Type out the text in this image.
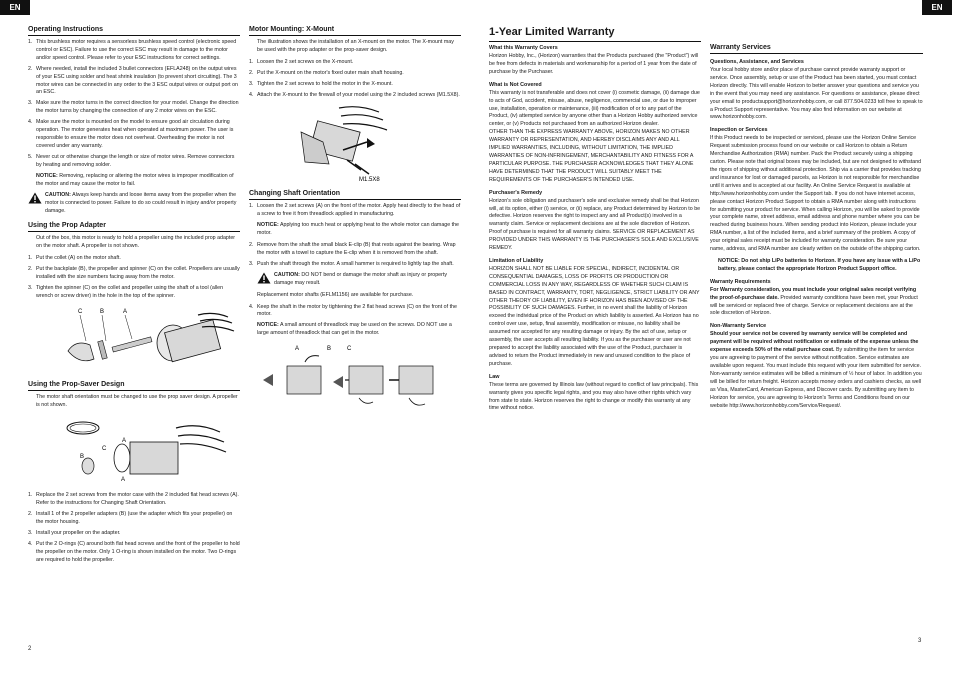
EN	EN
Operating Instructions
1. This brushless motor requires a sensorless brushless speed control (electronic speed control or ESC). Failure to use the correct ESC may result in damage to the motor and/or speed control. Please refer to your ESC instructions for correct settings.
2. Where needed, install the included 3 bullet connectors (EFLA248) on the output wires of your ESC using solder and heat shrink insulation (to prevent short circuiting). The 3 motor wires can be connected in any order to the 3 ESC output wires or output port on an ESC.
3. Make sure the motor turns in the correct direction for your model. Change the direction the motor turns by changing the connection of any 2 motor wires on the ESC.
4. Make sure the motor is mounted on the model to ensure good air circulation during operation. The motor generates heat when operated at maximum power. The user is responsible to ensure the motor does not overheat. Overheating the motor is not covered under any warranty.
5. Never cut or otherwise change the length or size of motor wires. Remove connectors by heating and removing solder.

NOTICE: Removing, replacing or altering the motor wires is improper modification of the motor and may cause the motor to fail.

CAUTION: Always keep hands and loose items away from the propeller when the motor is connected to power. Failure to do so could result in injury and/or property damage.
Using the Prop Adapter

Out of the box, this motor is ready to hold a propeller using the included prop adapter on the motor shaft. A propeller is not shown.

1. Put the collet (A) on the motor shaft.
2. Put the backplate (B), the propeller and spinner (C) on the collet. Propellers are usually installed with the size numbers facing away from the motor.
3. Tighten the spinner (C) on the collet and propeller using the shaft of a tool (allen wrench or screw driver) in the hole in the top of the spinner.
C	B	A
Using the Prop-Saver Design

The motor shaft orientation must be changed to use the prop saver design. A propeller is not shown.

A
B
C
A
1. Replace the 2 set screws from the motor case with the 2 included flat head screws (A). Refer to the instructions for Changing Shaft Orientation.
2. Install 1 of the 2 propeller adapters (B) (use the adapter which fits your propeller) on the motor housing.
3. Install your propeller on the adapter.
4. Put the 2 O-rings (C) around both flat head screws and the front of the propeller to hold the propeller on the motor. Only 1 O-ring is shown installed on the motor. Two O-rings are required to hold the propeller.
Motor Mounting: X-Mount

The illustration shows the installation of an X-mount on the motor. The X-mount may be used with the prop adapter or the prop-saver design.

1. Loosen the 2 set screws on the X-mount.
2. Put the X-mount on the motor's fixed outer main shaft housing.
3. Tighten the 2 set screws to hold the motor in the X-mount.
4. Attach the X-mount to the firewall of your model using the 2 included screws (M1.5X8).
M1.5X8
Changing Shaft Orientation
1. Loosen the 2 set screws (A) on the front of the motor. Apply heat directly to the head of a screw to free it from threadlock applied in manufacturing.

NOTICE: Applying too much heat or applying heat to the whole motor can damage the motor.

2. Remove from the shaft the small black E-clip (B) that rests against the bearing. Wrap the motor with a towel to capture the E-clip when it is removed from the shaft.
3. Push the shaft through the motor. A small hammer is required to lightly tap the shaft.
CAUTION: DO NOT bend or damage the motor shaft as injury or property damage may result.

Replacement motor shafts (EFLM1156) are available for purchase.

4. Keep the shaft in the motor by tightening the 2 flat head screws (C) on the front of the motor.

NOTICE: A small amount of threadlock may be used on the screws. DO NOT use a large amount of threadlock that can get in the motor.

A	B	C
2
1-Year Limited Warranty
What this Warranty Covers

Horizon Hobby, Inc., (Horizon) warranties that the Products purchased (the "Product") will be free from defects in materials and workmanship for a period of 1 year from the date of purchase by the Purchaser.

What is Not Covered

This warranty is not transferable and does not cover (i) cosmetic damage, (ii) damage due to acts of God, accident, misuse, abuse, negligence, commercial use, or due to improper use, installation, operation or maintenance, (iii) modification of or to any part of the Product, (iv) attempted service by anyone other than a Horizon Hobby authorized service center, or (v) Products not purchased from an authorized Horizon dealer.

OTHER THAN THE EXPRESS WARRANTY ABOVE, HORIZON MAKES NO OTHER WARRANTY OR REPRESENTATION, AND HEREBY DISCLAIMS ANY AND ALL IMPLIED WARRANTIES, INCLUDING, WITHOUT LIMITATION, THE IMPLIED WARRANTIES OF NON-INFRINGEMENT, MERCHANTABILITY AND FITNESS FOR A PARTICULAR PURPOSE. THE PURCHASER ACKNOWLEDGES THAT THEY ALONE HAVE DETERMINED THAT THE PRODUCT WILL SUITABLY MEET THE REQUIREMENTS OF THE PURCHASER'S INTENDED USE.

Purchaser's Remedy

Horizon's sole obligation and purchaser's sole and exclusive remedy shall be that Horizon will, at its option, either (i) service, or (ii) replace, any Product determined by Horizon to be defective. Horizon reserves the right to inspect any and all Product(s) involved in a warranty claim. Service or replacement decisions are at the sole discretion of Horizon. Proof of purchase is required for all warranty claims. SERVICE OR REPLACEMENT AS PROVIDED UNDER THIS WARRANTY IS THE PURCHASER'S SOLE AND EXCLUSIVE REMEDY.

Limitation of Liability

HORIZON SHALL NOT BE LIABLE FOR SPECIAL, INDIRECT, INCIDENTAL OR CONSEQUENTIAL DAMAGES, LOSS OF PROFITS OR PRODUCTION OR COMMERCIAL LOSS IN ANY WAY, REGARDLESS OF WHETHER SUCH CLAIM IS BASED IN CONTRACT, WARRANTY, TORT, NEGLIGENCE, STRICT LIABILITY OR ANY OTHER THEORY OF LIABILITY, EVEN IF HORIZON HAS BEEN ADVISED OF THE POSSIBILITY OF SUCH DAMAGES. Further, in no event shall the liability of Horizon exceed the individual price of the Product on which liability is asserted. As Horizon has no control over use, setup, final assembly, modification or misuse, no liability shall be assumed nor accepted for any resulting damage or injury. By the act of use, setup or assembly, the user accepts all resulting liability. If you as the purchaser or user are not prepared to accept the liability associated with the use of the Product, purchaser is advised to return the Product immediately in new and unused condition to the place of purchase.

Law

These terms are governed by Illinois law (without regard to conflict of law principals). This warranty gives you specific legal rights, and you may also have other rights which vary from state to state. Horizon reserves the right to change or modify this warranty at any time without notice.

Warranty Services
Questions, Assistance, and Services

Your local hobby store and/or place of purchase cannot provide warranty support or service. Once assembly, setup or use of the Product has been started, you must contact Horizon directly. This will enable Horizon to better answer your questions and service you in the event that you may need any assistance. For questions or assistance, please direct your email to productsupport@horizonhobby.com, or call 877.504.0233 toll free to speak to a Product Support representative. You may also find information on our website at www.horizonhobby.com.

Inspection or Services

If this Product needs to be inspected or serviced, please use the Horizon Online Service Request submission process found on our website or call Horizon to obtain a Return Merchandise Authorization (RMA) number. Pack the Product securely using a shipping carton. Please note that original boxes may be included, but are not designed to withstand the rigors of shipping without additional protection. Ship via a carrier that provides tracking and insurance for lost or damaged parcels, as Horizon is not responsible for merchandise until it arrives and is accepted at our facility. An Online Service Request is available at http://www.horizonhobby.com under the Support tab. If you do not have internet access, please contact Horizon Product Support to obtain a RMA number along with instructions for submitting your product for service. When calling Horizon, you will be asked to provide your complete name, street address, email address and phone number where you can be reached during business hours. When sending product into Horizon, please include your RMA number, a list of the included items, and a brief summary of the problem. A copy of your original sales receipt must be included for warranty consideration. Be sure your name, address, and RMA number are clearly written on the outside of the shipping carton.

NOTICE: Do not ship LiPo batteries to Horizon. If you have any issue with a LiPo battery, please contact the appropriate Horizon Product Support office.

Warranty Requirements

For Warranty consideration, you must include your original sales receipt verifying the proof-of-purchase date. Provided warranty conditions have been met, your Product will be serviced or replaced free of charge. Service or replacement decisions are at the sole discretion of Horizon.

Non-Warranty Service

Should your service not be covered by warranty service will be completed and payment will be required without notification or estimate of the expense unless the expense exceeds 50% of the retail purchase cost. By submitting the item for service you are agreeing to payment of the service without notification. Service estimates are available upon request. You must include this request with your item submitted for service. Non-warranty service estimates will be billed a minimum of ½ hour of labor. In addition you will be billed for return freight. Horizon accepts money orders and cashiers checks, as well as Visa, MasterCard, American Express, and Discover cards. By submitting any item to Horizon for service, you are agreeing to Horizon's Terms and Conditions found on our website http://www.horizonhobby.com/Service/Request/.

3
